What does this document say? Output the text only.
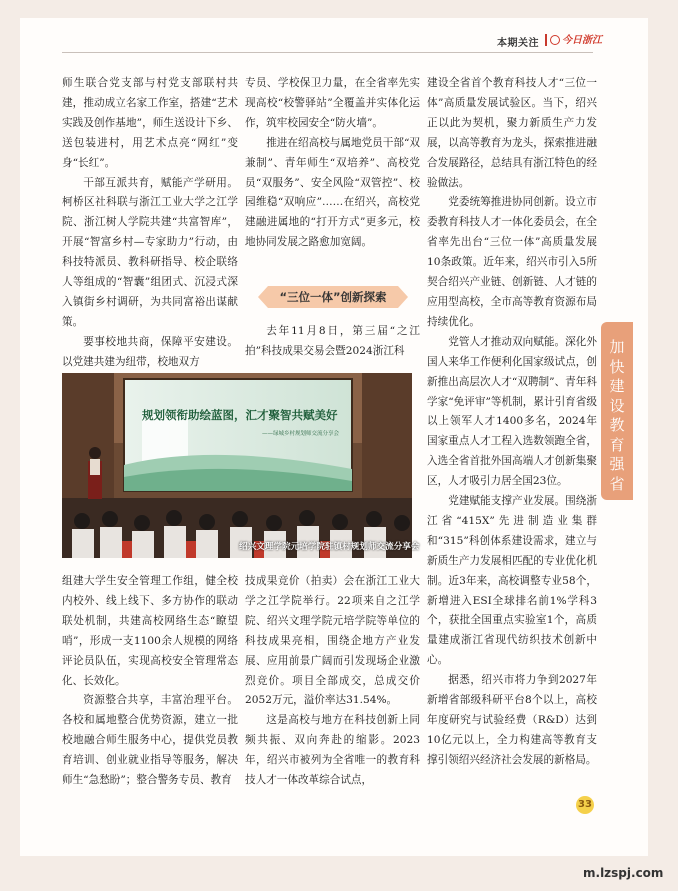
本期关注	今日浙江

师生联合党支部与村党支部联村共建，推动成立名家工作室，搭建“艺术实践及创作基地”，师生送设计下乡、送包装进村，用艺术点亮“网红”变身“长红”。

干部互派共育，赋能产学研用。柯桥区社科联与浙江工业大学之江学院、浙江树人学院共建“共富智库”，开展“智富乡村—专家助力”行动，由科技特派员、教科研指导、校企联络人等组成的“智囊”组团式、沉浸式深入镇街乡村调研，为共同富裕出谋献策。

要事校地共商，保障平安建设。以党建共建为纽带，校地双方

专员、学校保卫力量，在全省率先实现高校“校警驿站”全覆盖并实体化运作，筑牢校园安全“防火墙”。

推进在绍高校与属地党员干部“双兼制”、青年师生“双培养”、高校党员“双服务”、安全风险“双管控”、校园维稳“双响应”……在绍兴，高校党建融进属地的“打开方式”更多元，校地协同发展之路愈加宽阔。

“三位一体”创新探索

去年11月8日，第三届“之江拍”科技成果交易会暨2024浙江科

规划领衔助绘蓝图，汇才聚智共赋美好
——绿城乡村规划师交流分享会
绍兴文理学院元培学院驻镇村规划师交流分享会

组建大学生安全管理工作组，健全校内校外、线上线下、多方协作的联动联处机制，共建高校网络生态“瞭望哨”，形成一支1100余人规模的网络评论员队伍，实现高校安全管理常态化、长效化。

资源整合共享，丰富治理平台。各校和属地整合优势资源，建立一批校地融合师生服务中心，提供党员教育培训、创业就业指导等服务，解决师生“急愁盼”；整合警务专员、教育

技成果竞价（拍卖）会在浙江工业大学之江学院举行。22项来自之江学院、绍兴文理学院元培学院等单位的科技成果亮相，围绕企地方产业发展、应用前景广阔而引发现场企业激烈竞价。项目全部成交，总成交价2052万元，溢价率达31.54%。

这是高校与地方在科技创新上同频共振、双向奔赴的缩影。2023年，绍兴市被列为全省唯一的教育科技人才一体改革综合试点，

建设全省首个教育科技人才“三位一体”高质量发展试验区。当下，绍兴正以此为契机，聚力新质生产力发展，以高等教育为龙头，探索推进融合发展路径，总结具有浙江特色的经验做法。

党委统筹推进协同创新。设立市委教育科技人才一体化委员会，在全省率先出台“三位一体”高质量发展10条政策。近年来，绍兴市引入5所契合绍兴产业链、创新链、人才链的应用型高校，全市高等教育资源布局持续优化。

党管人才推动双向赋能。深化外国人来华工作便利化国家级试点，创新推出高层次人才“双聘制”、青年科学家“免评审”等机制，累计引育省级以上领军人才1400多名，2024年国家重点人才工程入选数领跑全省，入选全省首批外国高端人才创新集聚区，人才吸引力居全国23位。

党建赋能支撑产业发展。围绕浙江省“415X”先进制造业集群和“315”科创体系建设需求，建立与新质生产力发展相匹配的专业优化机制。近3年来，高校调整专业58个，新增进入ESI全球排名前1%学科3个，获批全国重点实验室1个，高质量建成浙江省现代纺织技术创新中心。

据悉，绍兴市将力争到2027年新增省部级科研平台8个以上，高校年度研究与试验经费（R&D）达到10亿元以上，全力构建高等教育支撑引领绍兴经济社会发展的新格局。

加快建设教育强省
33
m.lzspj.com
